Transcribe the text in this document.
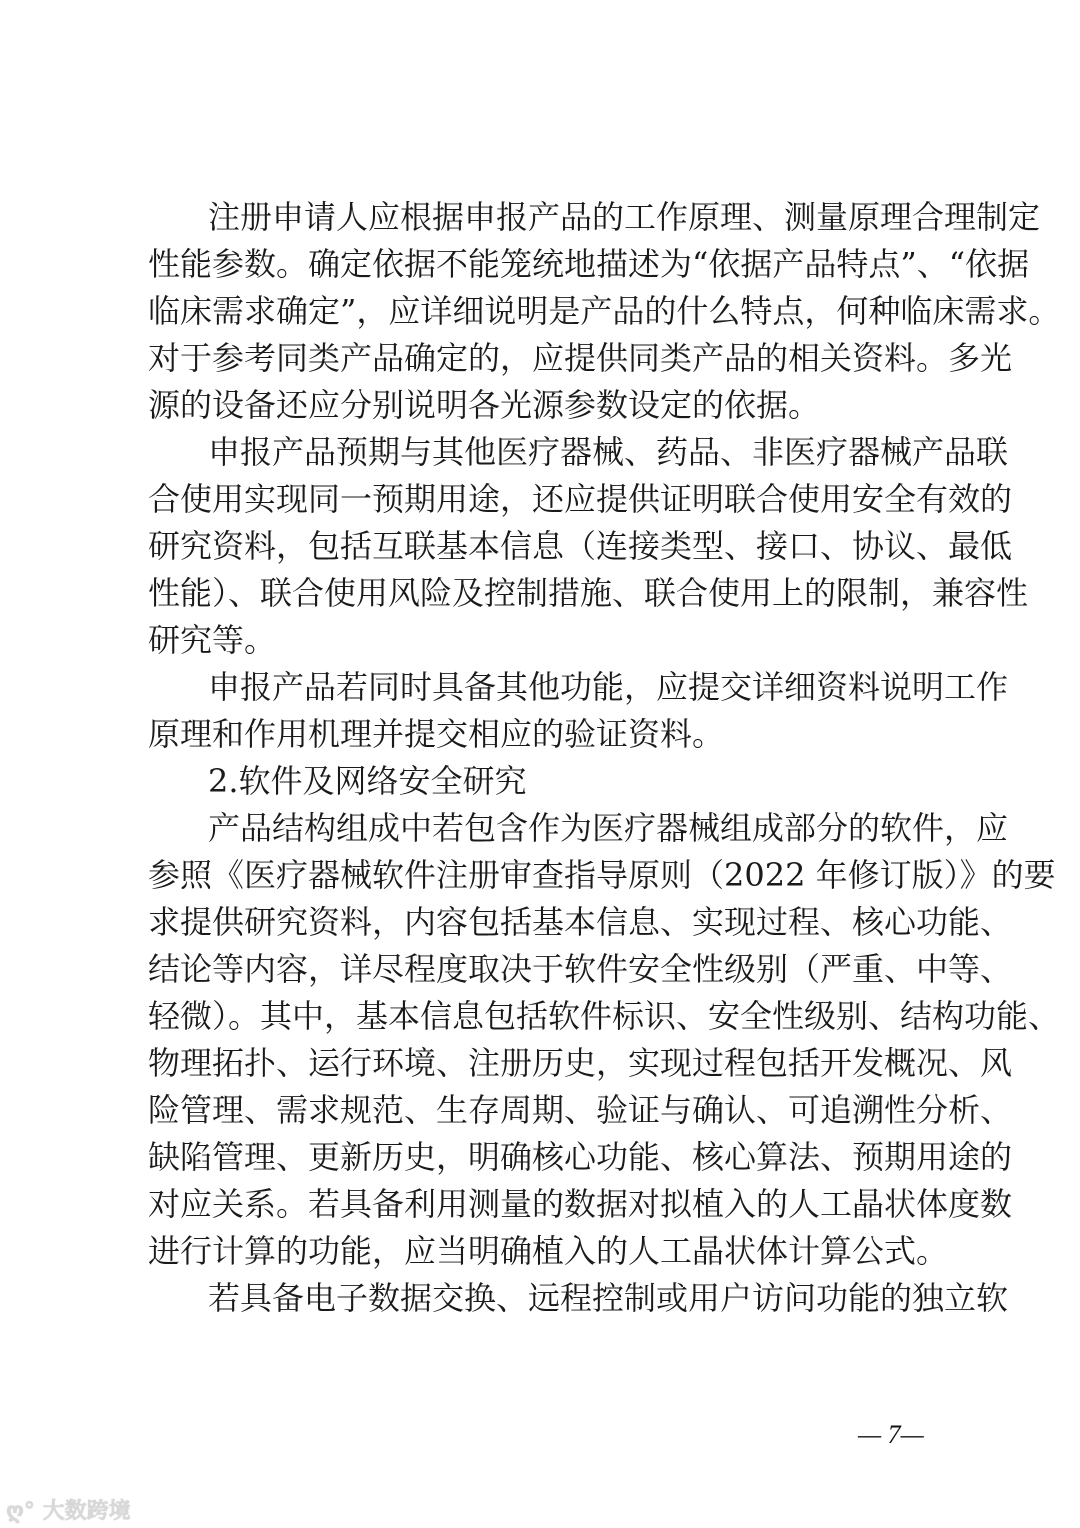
注册申请人应根据申报产品的工作原理、测量原理合理制定
性能参数。确定依据不能笼统地描述为“依据产品特点”、“依据
临床需求确定”，应详细说明是产品的什么特点，何种临床需求。
对于参考同类产品确定的，应提供同类产品的相关资料。多光
源的设备还应分别说明各光源参数设定的依据。
申报产品预期与其他医疗器械、药品、非医疗器械产品联
合使用实现同一预期用途，还应提供证明联合使用安全有效的
研究资料，包括互联基本信息（连接类型、接口、协议、最低
性能）、联合使用风险及控制措施、联合使用上的限制，兼容性
研究等。
申报产品若同时具备其他功能，应提交详细资料说明工作
原理和作用机理并提交相应的验证资料。
2.软件及网络安全研究
产品结构组成中若包含作为医疗器械组成部分的软件，应
参照《医疗器械软件注册审查指导原则（2022 年修订版）》的要
求提供研究资料，内容包括基本信息、实现过程、核心功能、
结论等内容，详尽程度取决于软件安全性级别（严重、中等、
轻微）。其中，基本信息包括软件标识、安全性级别、结构功能、
物理拓扑、运行环境、注册历史，实现过程包括开发概况、风
险管理、需求规范、生存周期、验证与确认、可追溯性分析、
缺陷管理、更新历史，明确核心功能、核心算法、预期用途的
对应关系。若具备利用测量的数据对拟植入的人工晶状体度数
进行计算的功能，应当明确植入的人工晶状体计算公式。
若具备电子数据交换、远程控制或用户访问功能的独立软
— 7—
ღ° 大数跨境
